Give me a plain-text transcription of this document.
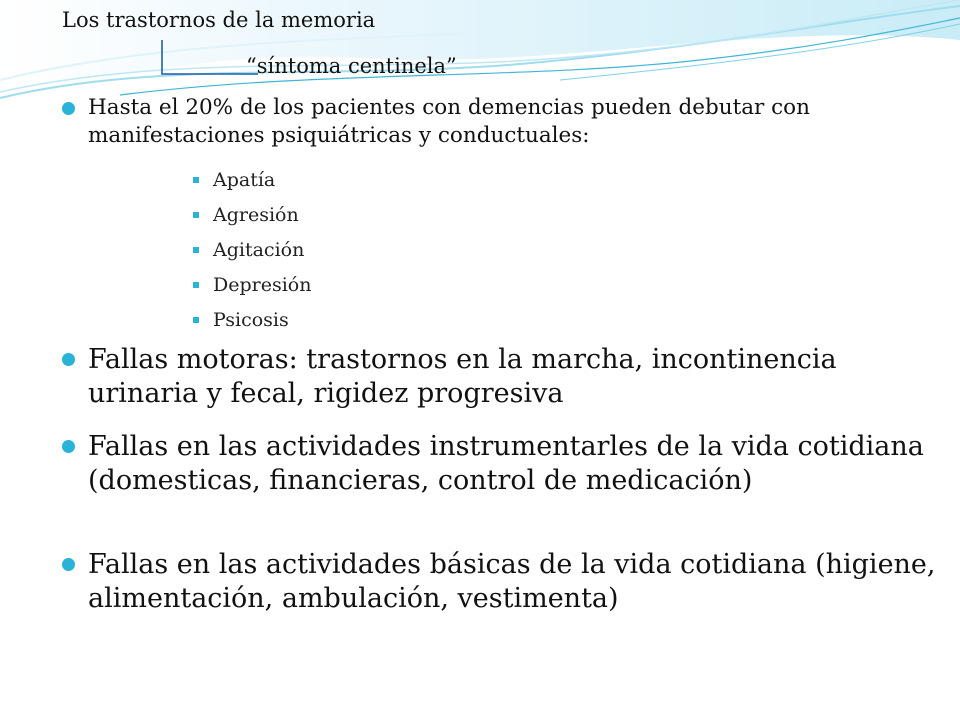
Los trastornos de la memoria
“síntoma centinela”
Hasta el 20% de los pacientes con demencias pueden debutar con manifestaciones psiquiátricas y conductuales:
Apatía
Agresión
Agitación
Depresión
Psicosis
Fallas motoras: trastornos en la marcha, incontinencia urinaria y fecal, rigidez progresiva
Fallas en las actividades instrumentarles de la vida cotidiana (domesticas, financieras, control de medicación)
Fallas en las actividades básicas de la vida cotidiana (higiene, alimentación, ambulación, vestimenta)
